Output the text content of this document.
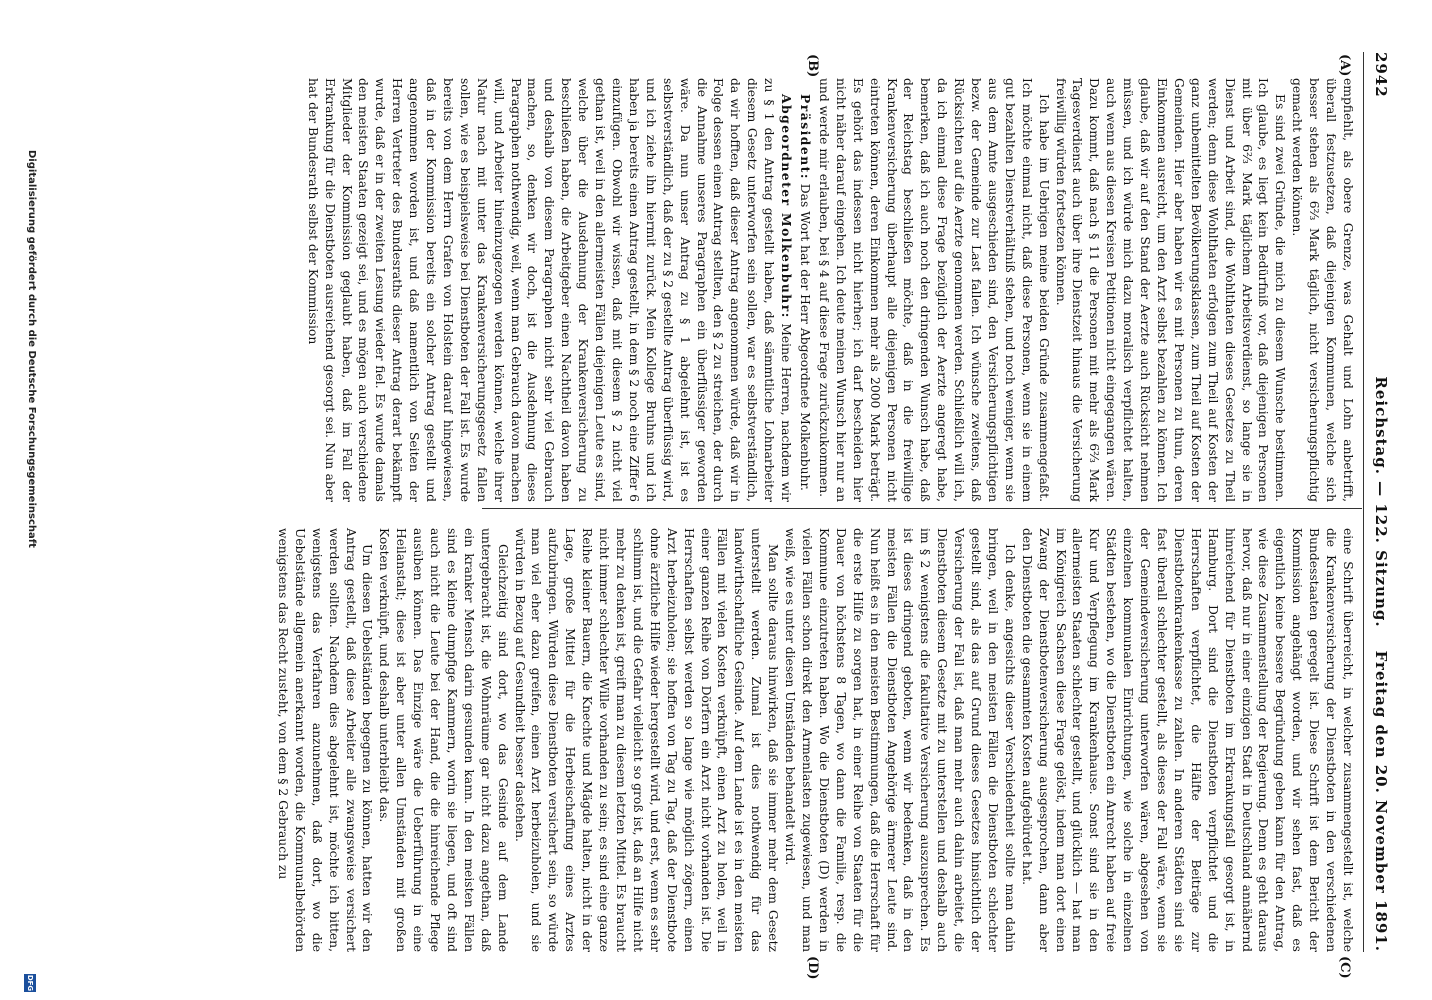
2942
Reichstag. — 122. Sitzung.
Freitag den 20. November 1891.
(A)
(B)
(C)
(D)

empfiehlt, als obere Grenze, was Gehalt und Lohn anbetrifft, überall festzusetzen, daß diejenigen Kommunen, welche sich besser stehen als 6⅔ Mark täglich, nicht versicherungspflichtig gemacht werden können.

Es sind zwei Gründe, die mich zu diesem Wunsche bestimmen. Ich glaube, es liegt kein Bedürfniß vor, daß diejenigen Personen mit über 6⅔ Mark täglichem Arbeitsverdienst, so lange sie in Dienst und Arbeit sind, die Wohlthaten dieses Gesetzes zu Theil werden; denn diese Wohlthaten erfolgen zum Theil auf Kosten der ganz unbemittelten Bevölkerungsklassen, zum Theil auf Kosten der Gemeinden. Hier aber haben wir es mit Personen zu thun, deren Einkommen ausreicht, um den Arzt selbst bezahlen zu können. Ich glaube, daß wir auf den Stand der Aerzte auch Rücksicht nehmen müssen, und ich würde mich dazu moralisch verpflichtet halten, auch wenn aus diesen Kreisen Petitionen nicht eingegangen wären. Dazu kommt, daß nach § 11 die Personen mit mehr als 6⅔ Mark Tagesverdienst auch über ihre Dienstzeit hinaus die Versicherung freiwillig würden fortsetzen können.

Ich habe im Uebrigen meine beiden Gründe zusammengefaßt. Ich möchte einmal nicht, daß diese Personen, wenn sie in einem gut bezahlten Dienstverhältniß stehen, und noch weniger, wenn sie aus dem Amte ausgeschieden sind, den Versicherungspflichtigen bezw. der Gemeinde zur Last fallen. Ich wünsche zweitens, daß Rücksichten auf die Aerzte genommen werden. Schließlich will ich, da ich einmal diese Frage bezüglich der Aerzte angeregt habe, bemerken, daß ich auch noch den dringenden Wunsch habe, daß der Reichstag beschließen möchte, daß in die freiwillige Krankenversicherung überhaupt alle diejenigen Personen nicht eintreten können, deren Einkommen mehr als 2000 Mark beträgt. Es gehört das indessen nicht hierher; ich darf bescheiden hier nicht näher darauf eingehen. Ich deute meinen Wunsch hier nur an und werde mir erlauben, bei § 4 auf diese Frage zurückzukommen.

Präsident: Das Wort hat der Herr Abgeordnete Molkenbuhr.

Abgeordneter Molkenbuhr: Meine Herren, nachdem wir zu § 1 den Antrag gestellt haben, daß sämmtliche Lohnarbeiter diesem Gesetz unterworfen sein sollen, war es selbstverständlich, da wir hofften, daß dieser Antrag angenommen würde, daß wir in Folge dessen einen Antrag stellten, den § 2 zu streichen, der durch die Annahme unseres Paragraphen ein überflüssiger geworden wäre. Da nun unser Antrag zu § 1 abgelehnt ist, ist es selbstverständlich, daß der zu § 2 gestellte Antrag überflüssig wird, und ich ziehe ihn hiermit zurück. Mein Kollege Bruhns und ich haben ja bereits einen Antrag gestellt, in dem § 2 noch eine Ziffer 6 einzufügen. Obwohl wir wissen, daß mit diesem § 2 nicht viel gethan ist, weil in den allermeisten Fällen diejenigen Leute es sind, welche über die Ausdehnung der Krankenversicherung zu beschließen haben, die Arbeitgeber einen Nachtheil davon haben und deshalb von diesem Paragraphen nicht sehr viel Gebrauch machen, so, denken wir doch, ist die Ausdehnung dieses Paragraphen nothwendig, weil, wenn man Gebrauch davon machen will, und Arbeiter hineinzugezogen werden können, welche ihrer Natur nach mit unter das Krankenversicherungsgesetz fallen sollen, wie es beispielsweise bei Dienstboten der Fall ist. Es wurde bereits von dem Herrn Grafen von Holstein darauf hingewiesen, daß in der Kommission bereits ein solcher Antrag gestellt und angenommen worden ist, und daß namentlich von Seiten der Herren Vertreter des Bundesraths dieser Antrag derart bekämpft wurde, daß er in der zweiten Lesung wieder fiel. Es wurde damals den meisten Staaten gezeigt sei, und es mögen auch verschiedene Mitglieder der Kommission geglaubt haben, daß im Fall der Erkrankung für die Dienstboten ausreichend gesorgt sei. Nun aber hat der Bundesrath selbst der Kommission

eine Schrift überreicht, in welcher zusammengestellt ist, welche die Krankenversicherung der Dienstboten in den verschiedenen Bundesstaaten geregelt ist. Diese Schrift ist dem Bericht der Kommission angehängt worden, und wir sehen fast, daß es eigentlich keine bessere Begründung geben kann für den Antrag, wie diese Zusammenstellung der Regierung. Denn es geht daraus hervor, daß nur in einer einzigen Stadt in Deutschland annähernd hinreichend für Dienstboten im Erkrankungsfall gesorgt ist, in Hamburg. Dort sind die Dienstboten verpflichtet und die Herrschaften verpflichtet, die Hälfte der Beiträge zur Dienstbotenkrankenkasse zu zahlen. In anderen Städten sind sie fast überall schlechter gestellt, als dieses der Fall wäre, wenn sie der Gemeindeversicherung unterworfen wären, abgesehen von einzelnen kommunalen Einrichtungen, wie solche in einzelnen Städten bestehen, wo die Dienstboten ein Anrecht haben auf freie Kur und Verpflegung im Krankenhause. Sonst sind sie in den allermeisten Staaten schlechter gestellt, und glücklich — hat man im Königreich Sachsen diese Frage gelöst, indem man dort einen Zwang der Dienstbotenversicherung ausgesprochen, dann aber den Dienstboten die gesammten Kosten aufgebürdet hat.

Ich denke, angesichts dieser Verschiedenheit sollte man dahin bringen, weil in den meisten Fällen die Dienstboten schlechter gestellt sind, als das auf Grund dieses Gesetzes hinsichtlich der Versicherung der Fall ist, daß man mehr auch dahin arbeitet, die Dienstboten diesem Gesetze mit zu unterstellen und deshalb auch im § 2 wenigstens die fakultative Versicherung auszusprechen. Es ist dieses dringend geboten, wenn wir bedenken, daß in den meisten Fällen die Dienstboten Angehörige ärmerer Leute sind. Nun heißt es in den meisten Bestimmungen, daß die Herrschaft für die erste Hilfe zu sorgen hat, in einer Reihe von Staaten für die Dauer von höchstens 8 Tagen, wo dann die Familie, resp. die Kommune einzutreten haben. Wo die Dienstboten (D) werden in vielen Fällen schon direkt den Armenlasten zugewiesen, und man weiß, wie es unter diesen Umständen behandelt wird.

Man sollte daraus hinwirken, daß sie immer mehr dem Gesetz unterstellt werden. Zumal ist dies nothwendig für das landwirthschaftliche Gesinde. Auf dem Lande ist es in den meisten Fällen mit vielen Kosten verknüpft, einen Arzt zu holen, weil in einer ganzen Reihe von Dörfern ein Arzt nicht vorhanden ist. Die Herrschaften selbst werden so lange wie möglich zögern, einen Arzt herbeizuholen; sie hoffen von Tag zu Tag, daß der Dienstbote ohne ärztliche Hilfe wieder hergestellt wird, und erst, wenn es sehr schlimm ist, und die Gefahr vielleicht so groß ist, daß an Hilfe nicht mehr zu denken ist, greift man zu diesem letzten Mittel. Es braucht nicht immer schlechter Wille vorhanden zu sein; es sind eine ganze Reihe kleiner Bauern, die Knechte und Mägde halten, nicht in der Lage, große Mittel für die Herbeischaffung eines Arztes aufzubringen. Würden diese Dienstboten versichert sein, so würde man viel eher dazu greifen, einen Arzt herbeizuholen, und sie würden in Bezug auf Gesundheit besser dastehen.

Gleichzeitig sind dort, wo das Gesinde auf dem Lande untergebracht ist, die Wohnräume gar nicht dazu angethan, daß ein kranker Mensch darin gesunden kann. In den meisten Fällen sind es kleine dumpfige Kammern, worin sie liegen, und oft sind auch nicht die Leute bei der Hand, die die hinreichende Pflege ausüben können. Das Einzige wäre die Ueberführung in eine Heilanstalt; diese ist aber unter allen Umständen mit großen Kosten verknüpft, und deshalb unterbleibt das.

Um diesen Uebelständen begegnen zu können, hatten wir den Antrag gestellt, daß diese Arbeiter alle zwangsweise versichert werden sollten. Nachdem dies abgelehnt ist, möchte ich bitten, wenigstens das Verfahren anzunehmen, daß dort, wo die Uebelstände allgemein anerkannt worden, die Kommunalbehörden wenigstens das Recht zusteht, von dem § 2 Gebrauch zu

Digitalisierung gefördert durch die Deutsche Forschungsgemeinschaft
DFG
